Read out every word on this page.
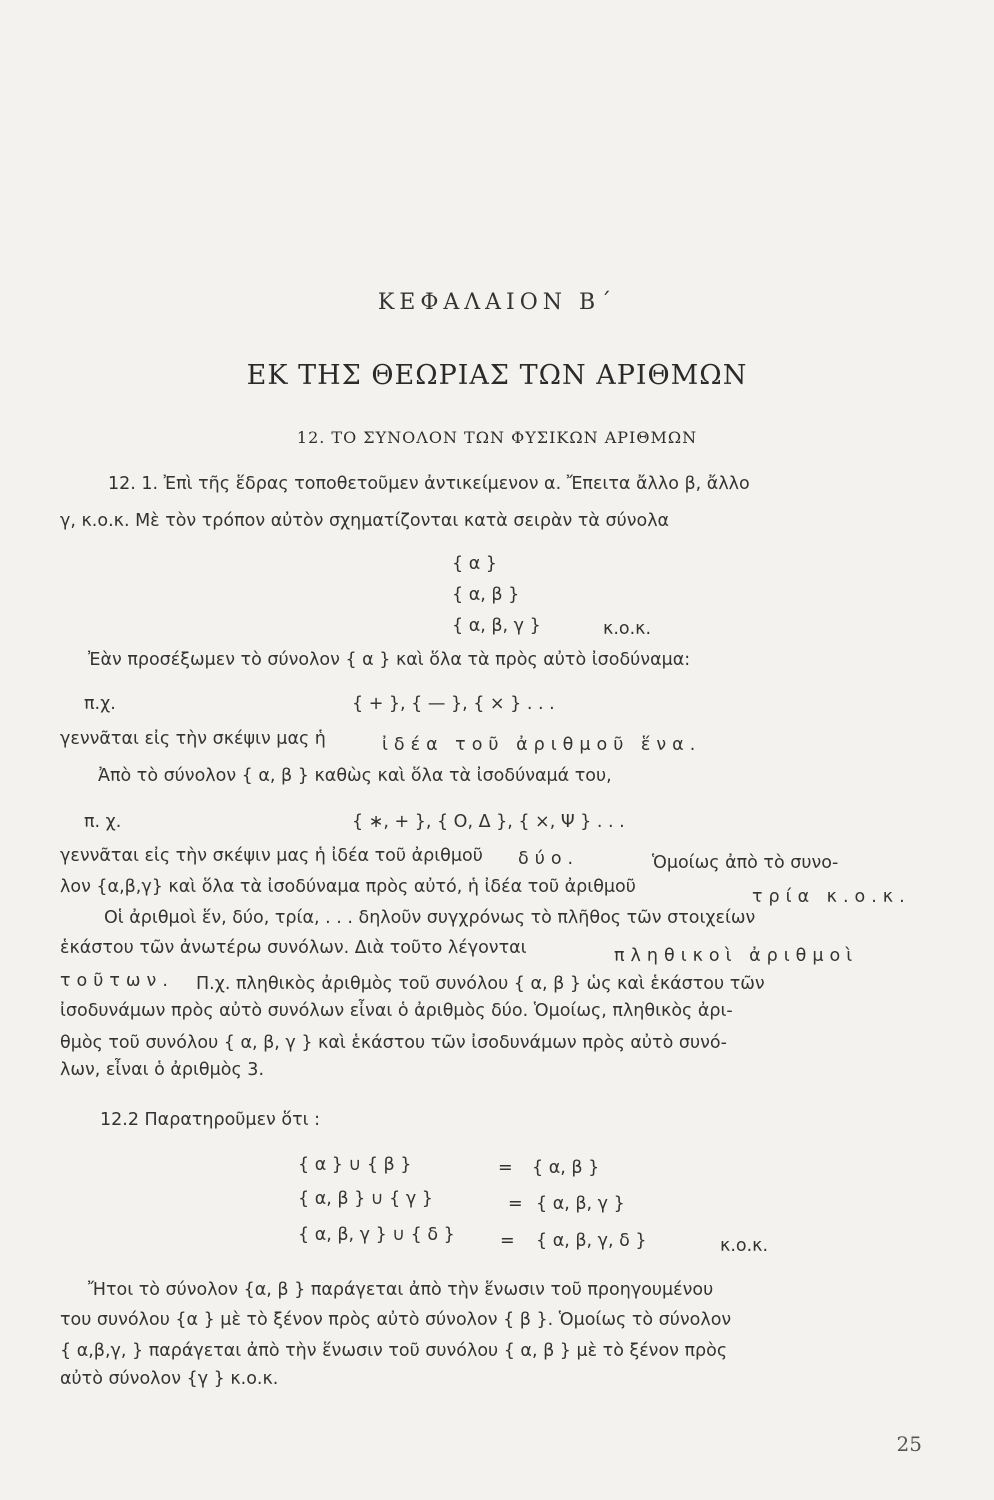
ΚΕΦΑΛΑΙΟΝ Β΄
ΕΚ ΤΗΣ ΘΕΩΡΙΑΣ ΤΩΝ ΑΡΙΘΜΩΝ
12. ΤΟ ΣΥΝΟΛΟΝ ΤΩΝ ΦΥΣΙΚΩΝ ΑΡΙΘΜΩΝ
12. 1. Ἐπὶ τῆς ἕδρας τοποθετοῦμεν ἀντικείμενον α. Ἔπειτα ἄλλο β, ἄλλο
γ, κ.ο.κ. Μὲ τὸν τρόπον αὐτὸν σχηματίζονται κατὰ σειρὰν τὰ σύνολα
{ α }
{ α, β }
{ α, β, γ }	κ.ο.κ.
Ἐὰν προσέξωμεν τὸ σύνολον { α } καὶ ὅλα τὰ πρὸς αὐτὸ ἰσοδύναμα:
π.χ.	{ + }, { — }, { × } . . .
γεννᾶται εἰς τὴν σκέψιν μας ἡ	ἰδέα τοῦ ἀριθμοῦ ἕνα.
Ἀπὸ τὸ σύνολον { α, β } καθὼς καὶ ὅλα τὰ ἰσοδύναμά του,
π. χ.	{ ∗, + }, { Ο, Δ }, { ×, Ψ } . . .
γεννᾶται εἰς τὴν σκέψιν μας ἡ ἰδέα τοῦ ἀριθμοῦ δύο.	Ὁμοίως ἀπὸ τὸ συνο-
λον {α,β,γ} καὶ ὅλα τὰ ἰσοδύναμα πρὸς αὐτό, ἡ ἰδέα τοῦ ἀριθμοῦ	τρία κ.ο.κ.
Οἱ ἀριθμοὶ ἕν, δύο, τρία, . . . δηλοῦν συγχρόνως τὸ πλῆθος τῶν στοιχείων
ἑκάστου τῶν ἀνωτέρω συνόλων. Διὰ τοῦτο λέγονται	πληθικοὶ ἀριθμοὶ
τοῦτων. Π.χ. πληθικὸς ἀριθμὸς τοῦ συνόλου { α, β } ὡς καὶ ἑκάστου τῶν
ἰσοδυνάμων πρὸς αὐτὸ συνόλων εἶναι ὁ ἀριθμὸς δύο. Ὁμοίως, πληθικὸς ἀρι-
θμὸς τοῦ συνόλου { α, β, γ } καὶ ἑκάστου τῶν ἰσοδυνάμων πρὸς αὐτὸ συνό-
λων, εἶναι ὁ ἀριθμὸς 3.
12.2 Παρατηροῦμεν ὅτι :
{ α } ∪ { β }	= { α, β }
{ α, β } ∪ { γ }	= { α, β, γ }
{ α, β, γ } ∪ { δ }	= { α, β, γ, δ }	κ.ο.κ.
Ἤτοι τὸ σύνολον {α, β } παράγεται ἀπὸ τὴν ἕνωσιν τοῦ προηγουμένου
του συνόλου {α } μὲ τὸ ξένον πρὸς αὐτὸ σύνολον { β }. Ὁμοίως τὸ σύνολον
{ α,β,γ, } παράγεται ἀπὸ τὴν ἕνωσιν τοῦ συνόλου { α, β } μὲ τὸ ξένον πρὸς
αὐτὸ σύνολον {γ } κ.ο.κ.
25
